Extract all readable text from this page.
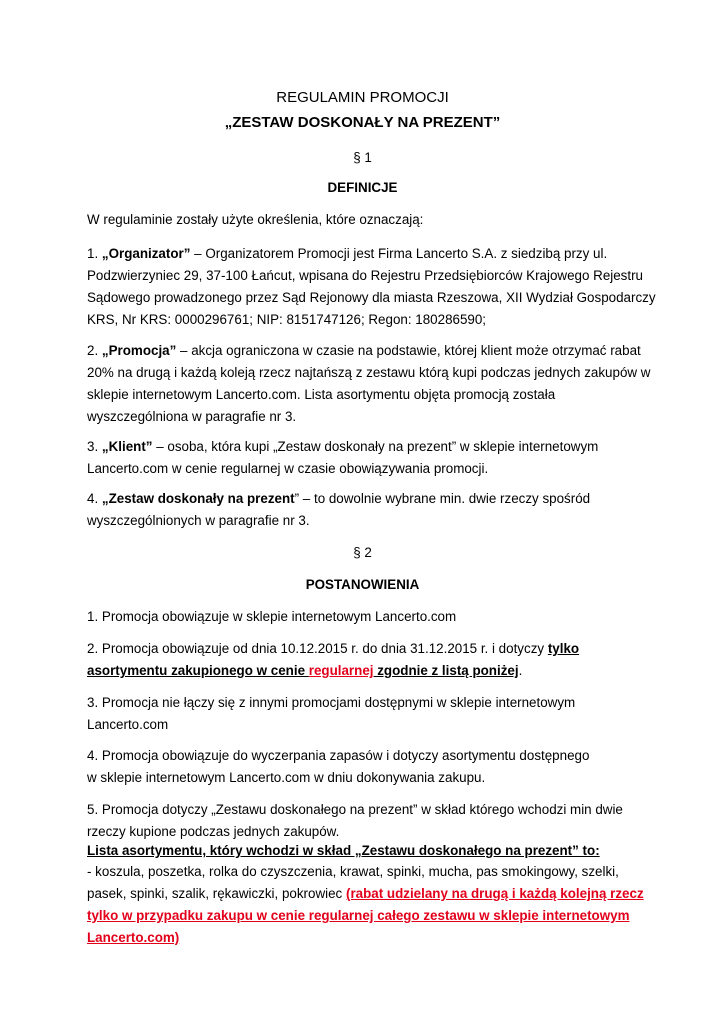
REGULAMIN PROMOCJI

„ZESTAW DOSKONAŁY NA PREZENT”

§ 1

DEFINICJE

W regulaminie zostały użyte określenia, które oznaczają:

1. „Organizator” – Organizatorem Promocji jest Firma Lancerto S.A. z siedzibą przy ul.

Podzwierzyniec 29, 37-100 Łańcut, wpisana do Rejestru Przedsiębiorców Krajowego Rejestru

Sądowego prowadzonego przez Sąd Rejonowy dla miasta Rzeszowa, XII Wydział Gospodarczy

KRS, Nr KRS: 0000296761; NIP: 8151747126; Regon: 180286590;

2. „Promocja” – akcja ograniczona w czasie na podstawie, której klient może otrzymać rabat

20% na drugą i każdą koleją rzecz najtańszą z zestawu którą kupi podczas jednych zakupów w

sklepie internetowym Lancerto.com. Lista asortymentu objęta promocją została

wyszczególniona w paragrafie nr 3.

3. „Klient” – osoba, która kupi „Zestaw doskonały na prezent” w sklepie internetowym

Lancerto.com w cenie regularnej w czasie obowiązywania promocji.

4. „Zestaw doskonały na prezent” – to dowolnie wybrane min. dwie rzeczy spośród

wyszczególnionych w paragrafie nr 3.

§ 2

POSTANOWIENIA

1. Promocja obowiązuje w sklepie internetowym Lancerto.com

2. Promocja obowiązuje od dnia 10.12.2015 r. do dnia 31.12.2015 r. i dotyczy tylko

asortymentu zakupionego w cenie regularnej zgodnie z listą poniżej.

3. Promocja nie łączy się z innymi promocjami dostępnymi w sklepie internetowym

Lancerto.com

4. Promocja obowiązuje do wyczerpania zapasów i dotyczy asortymentu dostępnego

w sklepie internetowym Lancerto.com w dniu dokonywania zakupu.

5. Promocja dotyczy „Zestawu doskonałego na prezent” w skład którego wchodzi min dwie

rzeczy kupione podczas jednych zakupów.

Lista asortymentu, który wchodzi w skład „Zestawu doskonałego na prezent” to:

- koszula, poszetka, rolka do czyszczenia, krawat, spinki, mucha, pas smokingowy, szelki,

pasek, spinki, szalik, rękawiczki, pokrowiec (rabat udzielany na drugą i każdą kolejną rzecz

tylko w przypadku zakupu w cenie regularnej całego zestawu w sklepie internetowym

Lancerto.com)
